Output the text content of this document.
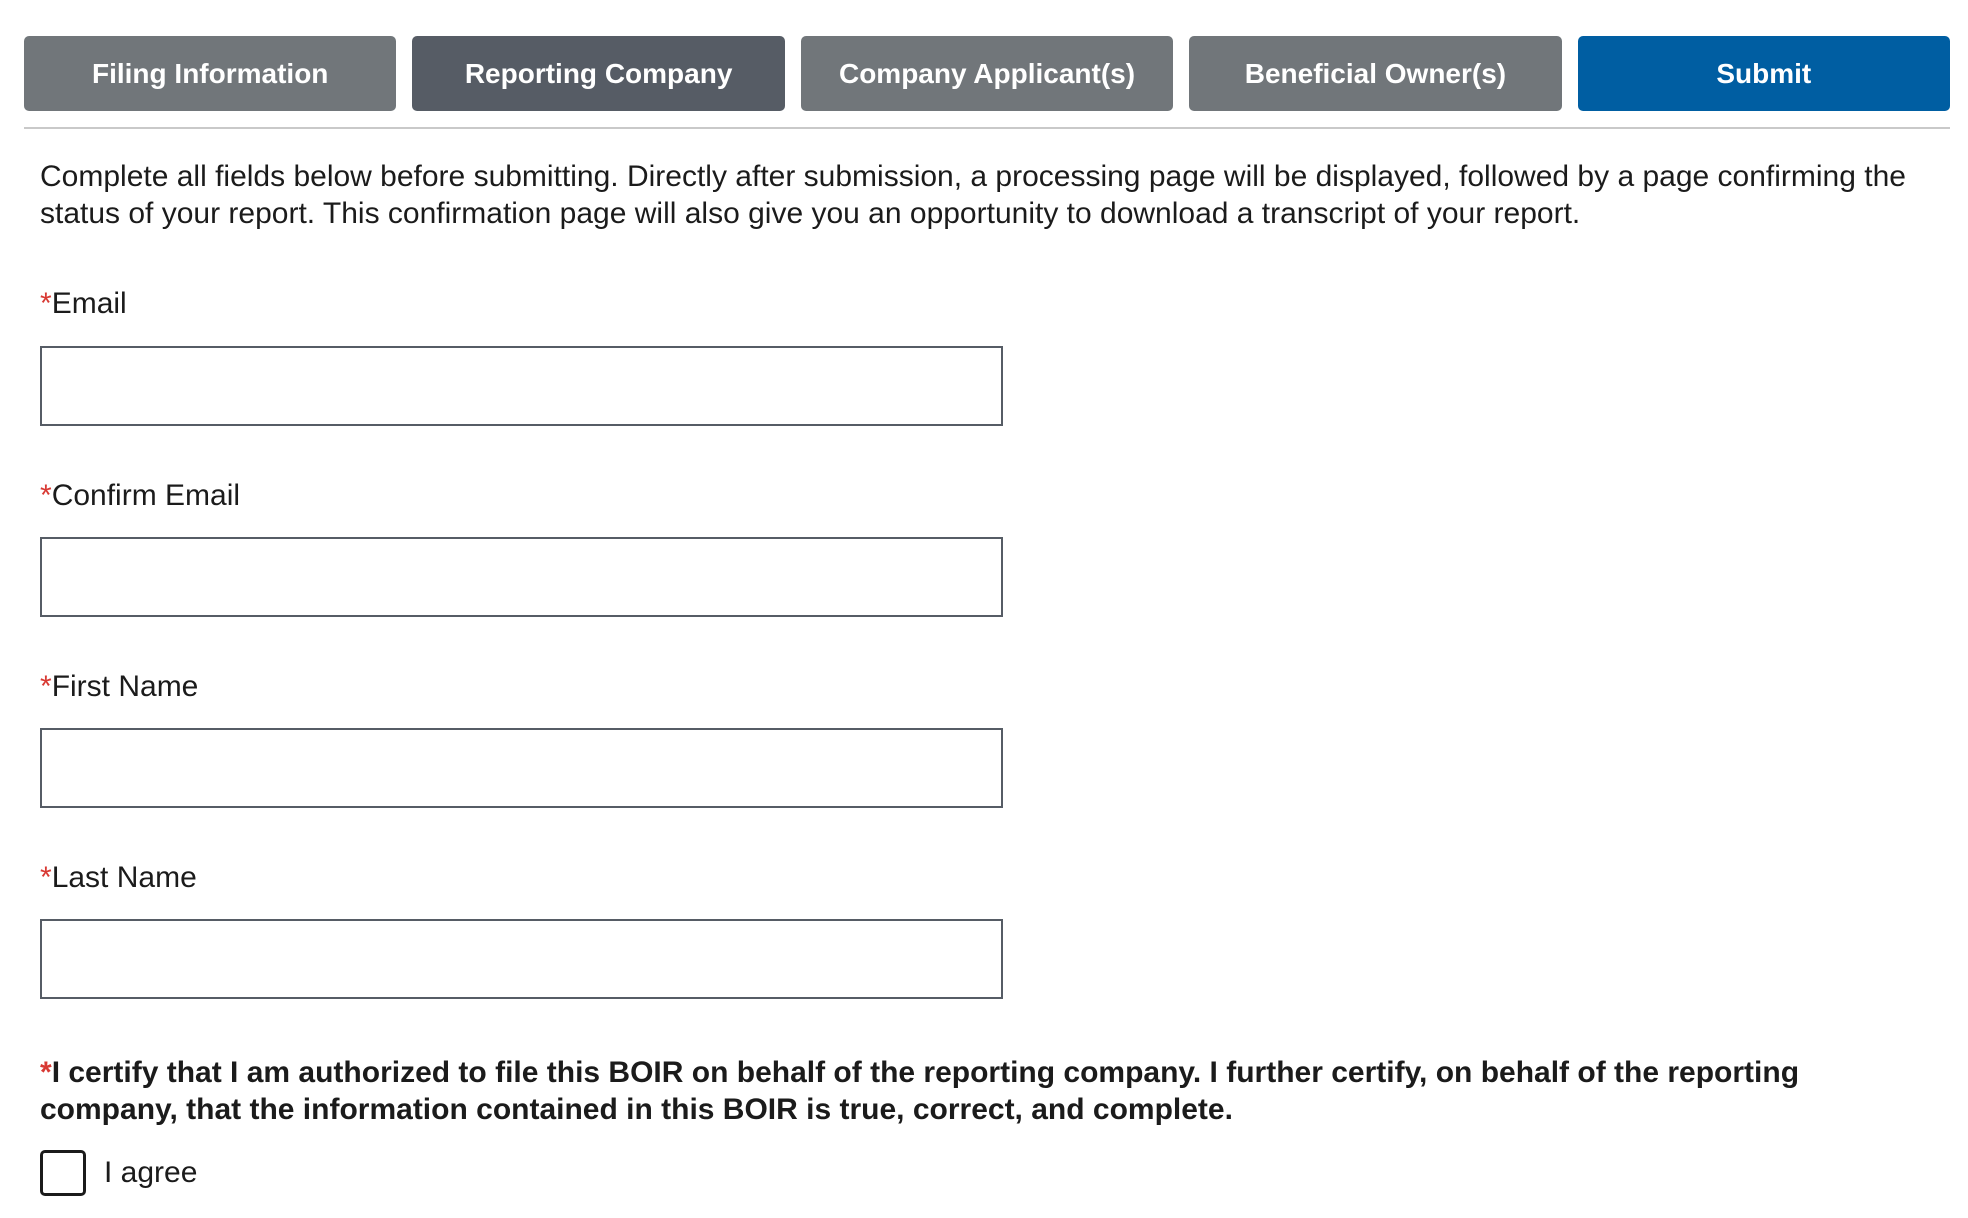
Filing Information	Reporting Company	Company Applicant(s)	Beneficial Owner(s)	Submit

Complete all fields below before submitting. Directly after submission, a processing page will be displayed, followed by a page confirming the status of your report. This confirmation page will also give you an opportunity to download a transcript of your report.

*Email
*Confirm Email
*First Name
*Last Name

*I certify that I am authorized to file this BOIR on behalf of the reporting company. I further certify, on behalf of the reporting company, that the information contained in this BOIR is true, correct, and complete.

I agree
